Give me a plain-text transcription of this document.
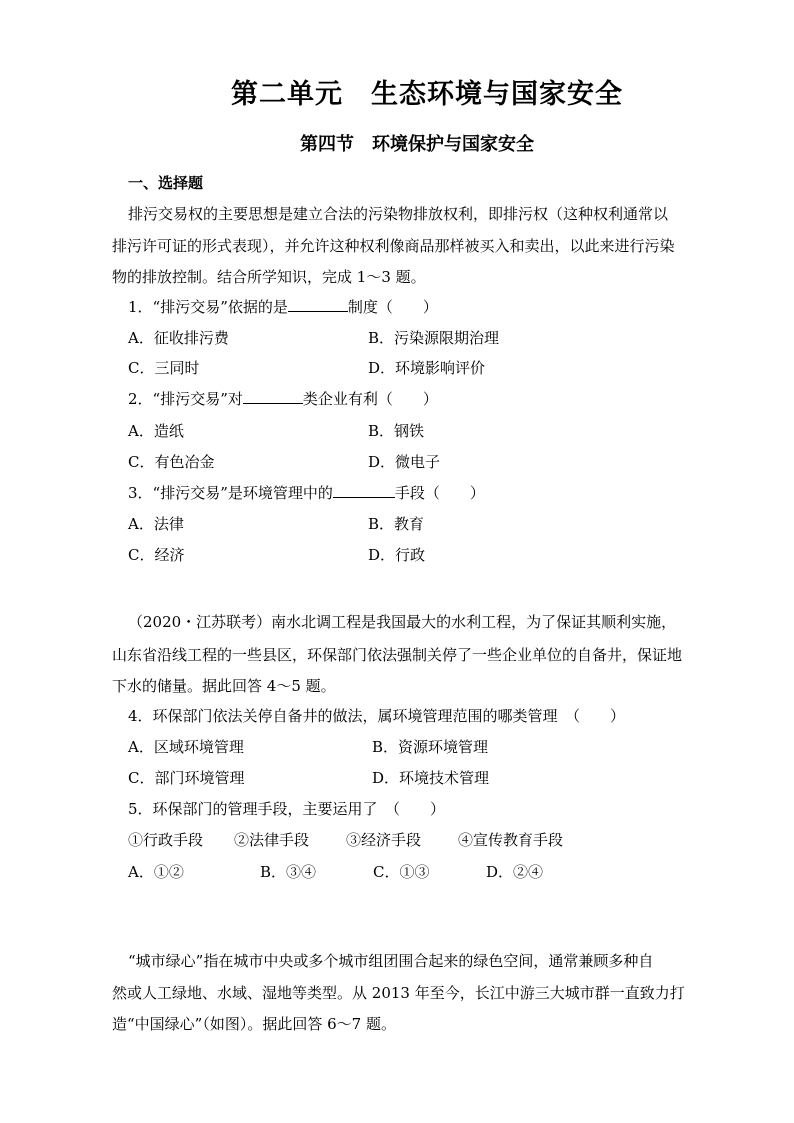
第二单元　生态环境与国家安全
第四节　环境保护与国家安全
一、选择题
排污交易权的主要思想是建立合法的污染物排放权利，即排污权（这种权利通常以
排污许可证的形式表现），并允许这种权利像商品那样被买入和卖出，以此来进行污染
物的排放控制。结合所学知识，完成 1～3 题。
1．“排污交易”依据的是	制度（　　）
A．征收排污费	B．污染源限期治理
C．三同时	D．环境影响评价
2．“排污交易”对	类企业有利（　　）
A．造纸	B．钢铁
C．有色冶金	D．微电子
3．“排污交易”是环境管理中的	手段（　　）
A．法律	B．教育
C．经济	D．行政
（2020・江苏联考）南水北调工程是我国最大的水利工程，为了保证其顺利实施，
山东省沿线工程的一些县区，环保部门依法强制关停了一些企业单位的自备井，保证地
下水的储量。据此回答 4～5 题。
4．环保部门依法关停自备井的做法，属环境管理范围的哪类管理　（　　）
A．区域环境管理	B．资源环境管理
C．部门环境管理	D．环境技术管理
5．环保部门的管理手段，主要运用了　（　　）
①行政手段 ②法律手段 ③经济手段 ④宣传教育手段
A．①②	B．③④	C．①③	D．②④
“城市绿心”指在城市中央或多个城市组团围合起来的绿色空间，通常兼顾多种自
然或人工绿地、水域、湿地等类型。从 2013 年至今，长江中游三大城市群一直致力打
造“中国绿心”（如图）。据此回答 6～7 题。
